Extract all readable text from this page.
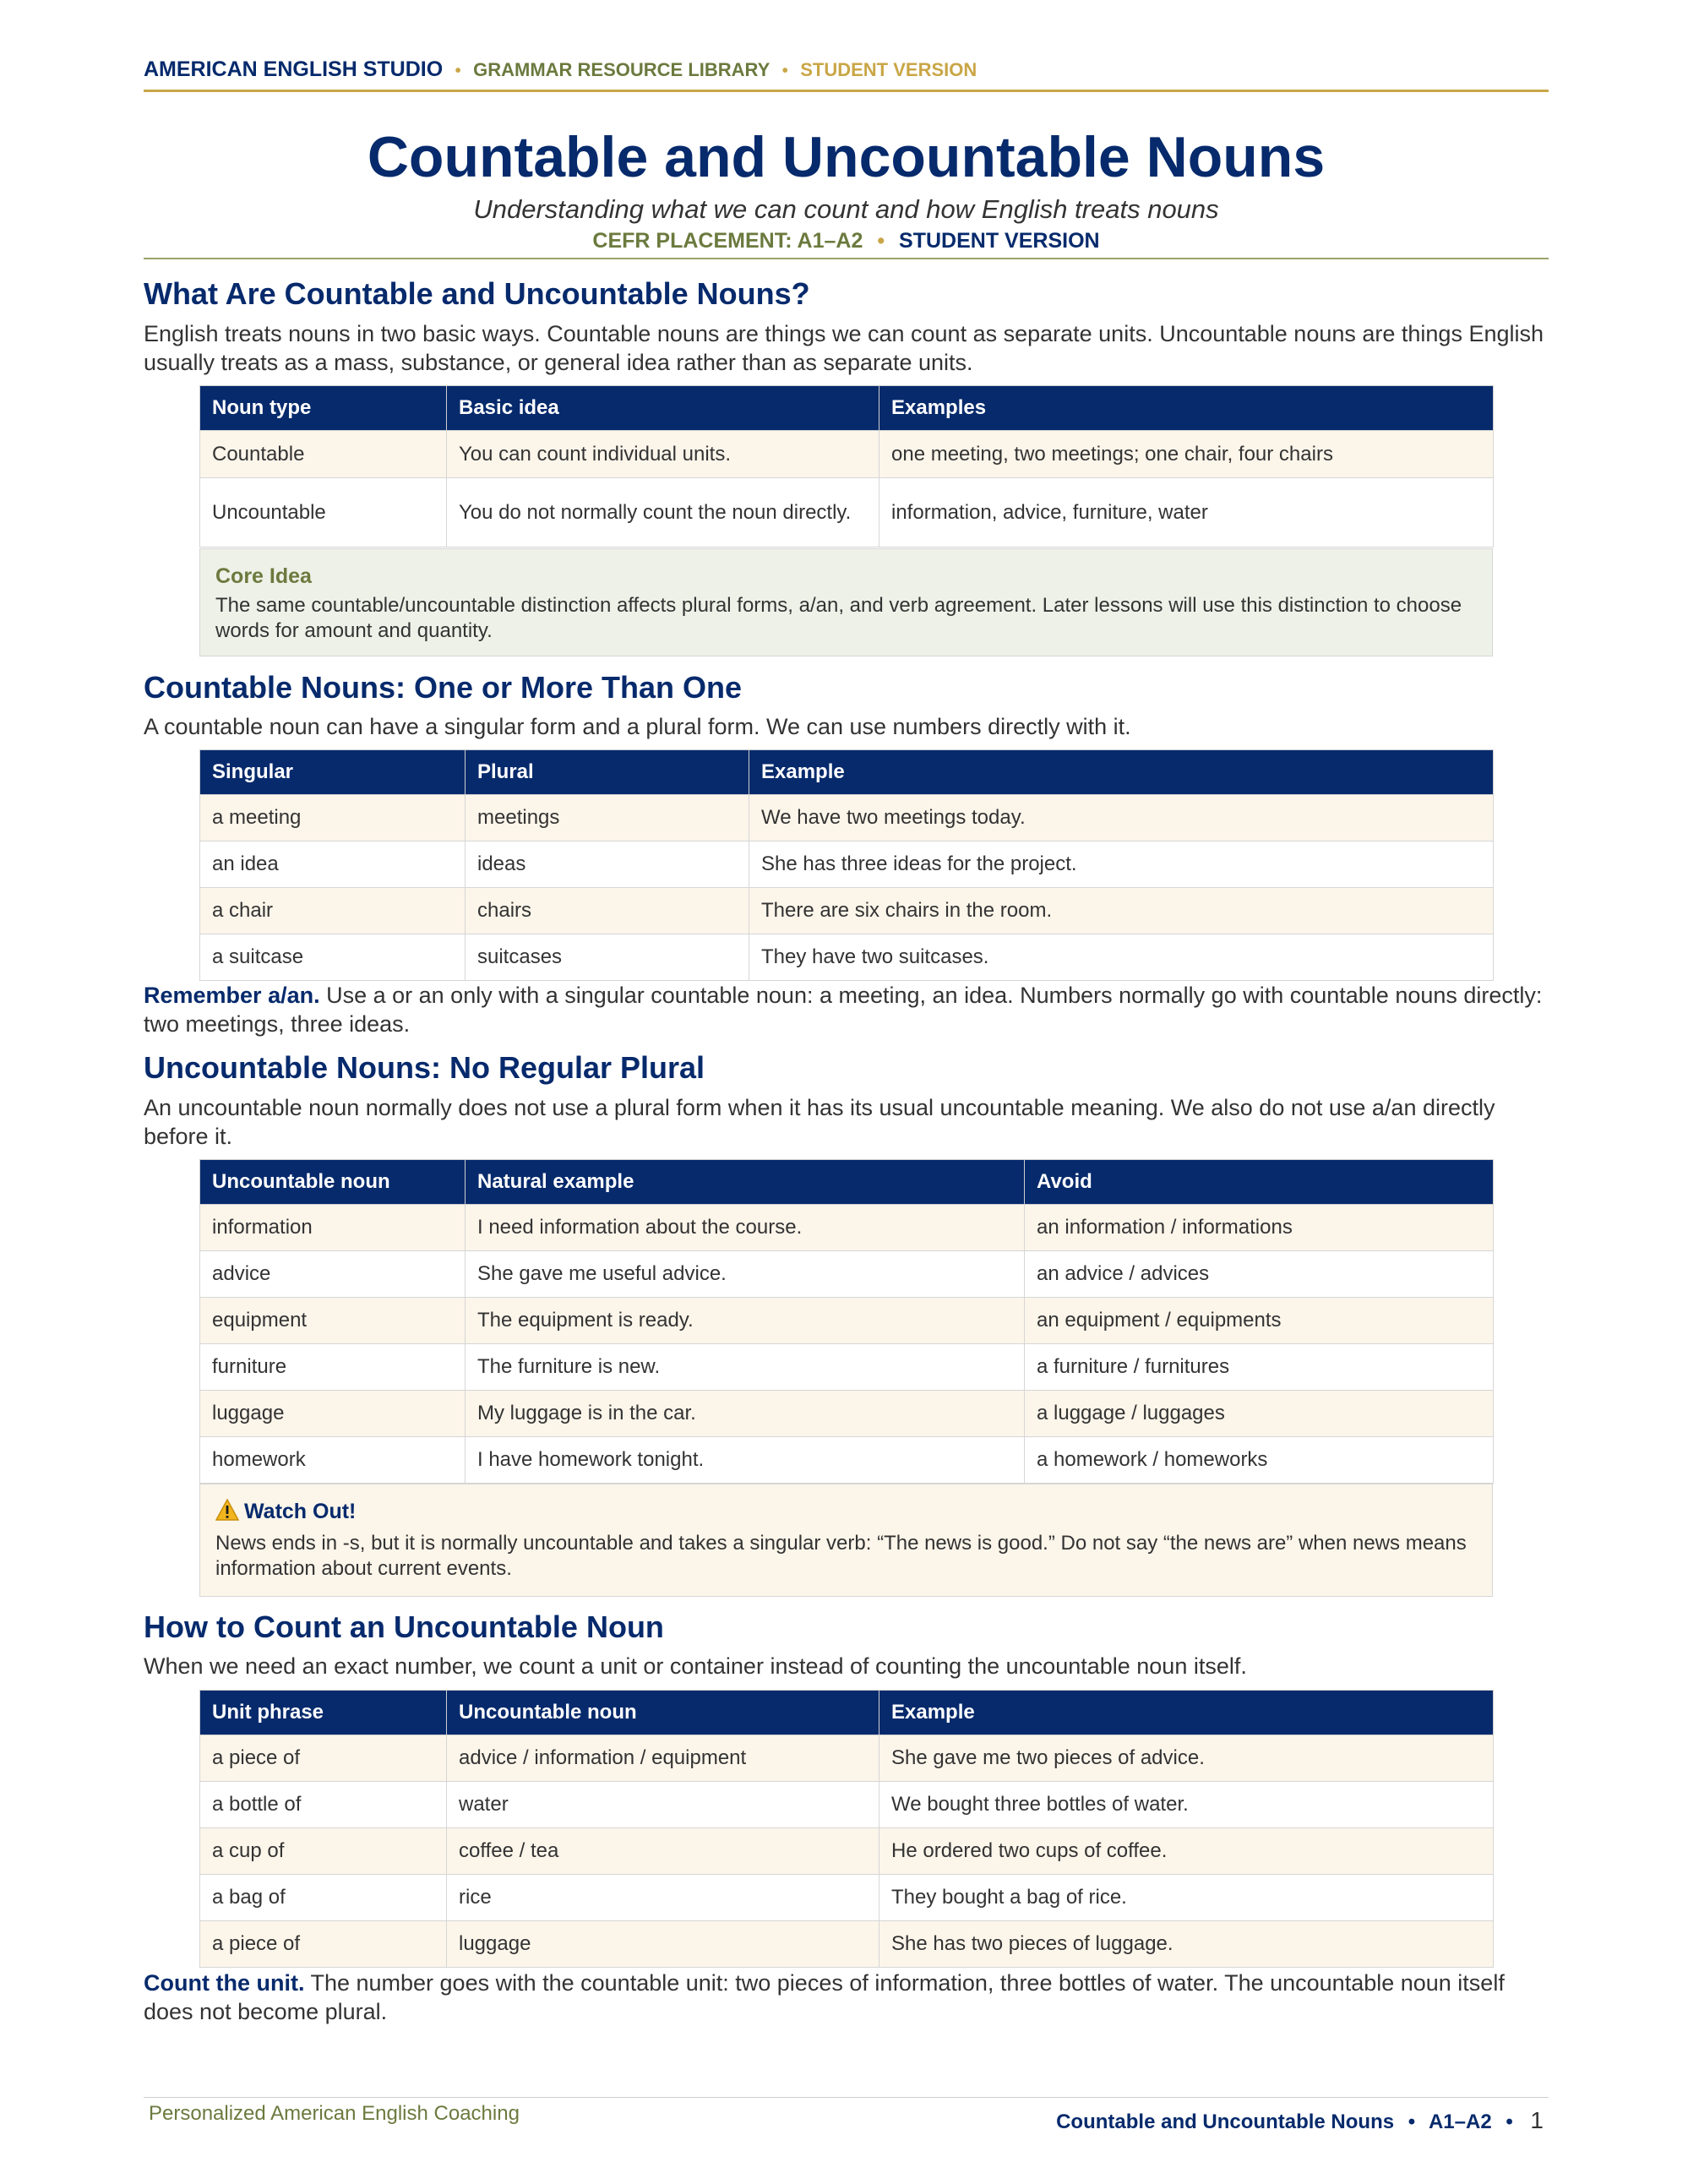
AMERICAN ENGLISH STUDIO • GRAMMAR RESOURCE LIBRARY • STUDENT VERSION
Countable and Uncountable Nouns
Understanding what we can count and how English treats nouns
CEFR PLACEMENT: A1–A2 • STUDENT VERSION
What Are Countable and Uncountable Nouns?

English treats nouns in two basic ways. Countable nouns are things we can count as separate units. Uncountable nouns are things English usually treats as a mass, substance, or general idea rather than as separate units.

Noun type	Basic idea	Examples
Countable	You can count individual units.	one meeting, two meetings; one chair, four chairs
Uncountable	You do not normally count the noun directly.	information, advice, furniture, water
Core Idea
The same countable/uncountable distinction affects plural forms, a/an, and verb agreement. Later lessons will use this distinction to choose words for amount and quantity.
Countable Nouns: One or More Than One

A countable noun can have a singular form and a plural form. We can use numbers directly with it.

Singular	Plural	Example
a meeting	meetings	We have two meetings today.
an idea	ideas	She has three ideas for the project.
a chair	chairs	There are six chairs in the room.
a suitcase	suitcases	They have two suitcases.

Remember a/an. Use a or an only with a singular countable noun: a meeting, an idea. Numbers normally go with countable nouns directly: two meetings, three ideas.

Uncountable Nouns: No Regular Plural

An uncountable noun normally does not use a plural form when it has its usual uncountable meaning. We also do not use a/an directly before it.

Uncountable noun	Natural example	Avoid
information	I need information about the course.	an information / informations
advice	She gave me useful advice.	an advice / advices
equipment	The equipment is ready.	an equipment / equipments
furniture	The furniture is new.	a furniture / furnitures
luggage	My luggage is in the car.	a luggage / luggages
homework	I have homework tonight.	a homework / homeworks
Watch Out!
News ends in -s, but it is normally uncountable and takes a singular verb: “The news is good.” Do not say “the news are” when news means information about current events.
How to Count an Uncountable Noun

When we need an exact number, we count a unit or container instead of counting the uncountable noun itself.

Unit phrase	Uncountable noun	Example
a piece of	advice / information / equipment	She gave me two pieces of advice.
a bottle of	water	We bought three bottles of water.
a cup of	coffee / tea	He ordered two cups of coffee.
a bag of	rice	They bought a bag of rice.
a piece of	luggage	She has two pieces of luggage.

Count the unit. The number goes with the countable unit: two pieces of information, three bottles of water. The uncountable noun itself does not become plural.

Personalized American English Coaching	Countable and Uncountable Nouns • A1–A2 • 1
